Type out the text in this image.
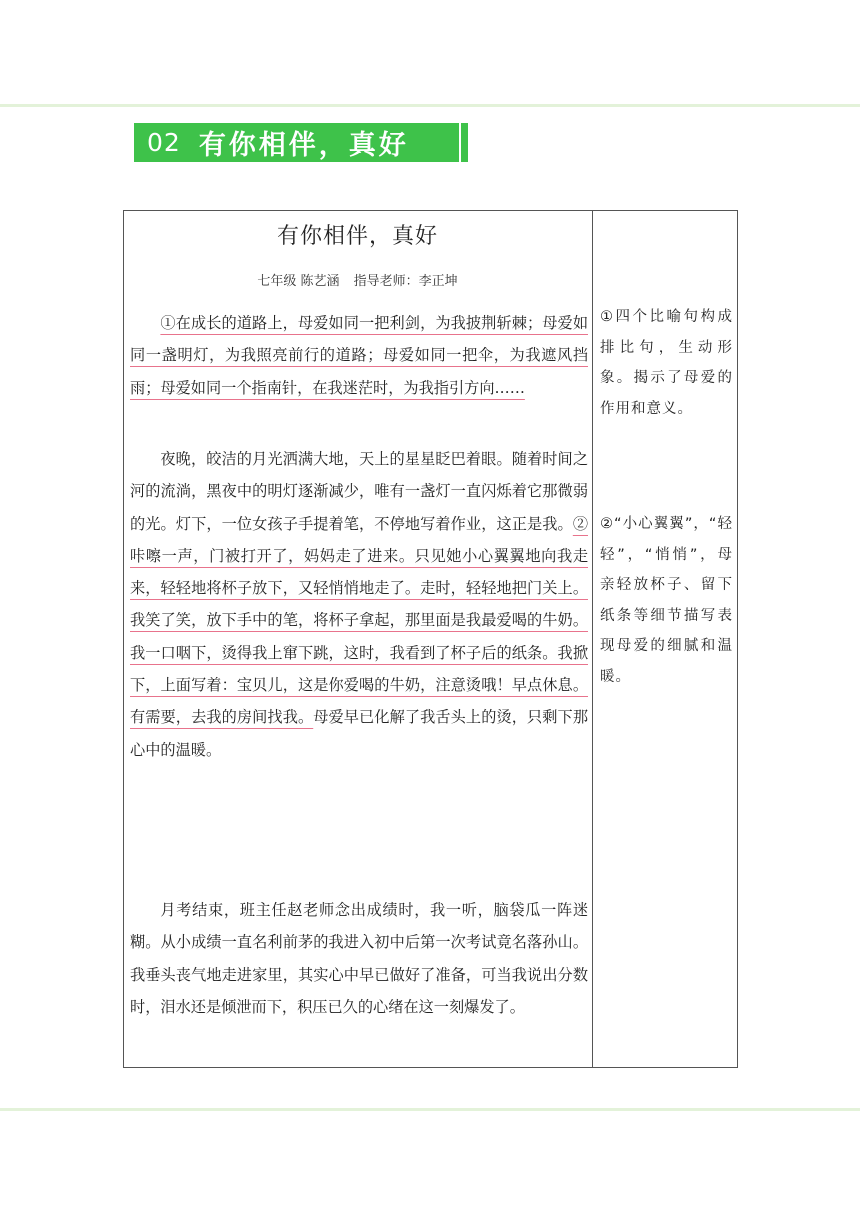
02 有你相伴，真好
有你相伴，真好
七年级 陈艺涵 指导老师：李正坤

①在成长的道路上，母爱如同一把利剑，为我披荆斩棘；母爱如同一盏明灯，为我照亮前行的道路；母爱如同一把伞，为我遮风挡雨；母爱如同一个指南针，在我迷茫时，为我指引方向……

夜晚，皎洁的月光洒满大地，天上的星星眨巴着眼。随着时间之河的流淌，黑夜中的明灯逐渐减少，唯有一盏灯一直闪烁着它那微弱的光。灯下，一位女孩子手提着笔，不停地写着作业，这正是我。②咔嚓一声，门被打开了，妈妈走了进来。只见她小心翼翼地向我走来，轻轻地将杯子放下，又轻悄悄地走了。走时，轻轻地把门关上。我笑了笑，放下手中的笔，将杯子拿起，那里面是我最爱喝的牛奶。我一口咽下，烫得我上窜下跳，这时，我看到了杯子后的纸条。我掀下，上面写着：宝贝儿，这是你爱喝的牛奶，注意烫哦！早点休息。有需要，去我的房间找我。母爱早已化解了我舌头上的烫，只剩下那心中的温暖。

月考结束，班主任赵老师念出成绩时，我一听，脑袋瓜一阵迷糊。从小成绩一直名利前茅的我进入初中后第一次考试竟名落孙山。我垂头丧气地走进家里，其实心中早已做好了准备，可当我说出分数时，泪水还是倾泄而下，积压已久的心绪在这一刻爆发了。

①四个比喻句构成排比句，生动形象。揭示了母爱的作用和意义。
②“小心翼翼”，“轻轻”，“悄悄”，母亲轻放杯子、留下纸条等细节描写表现母爱的细腻和温暖。
